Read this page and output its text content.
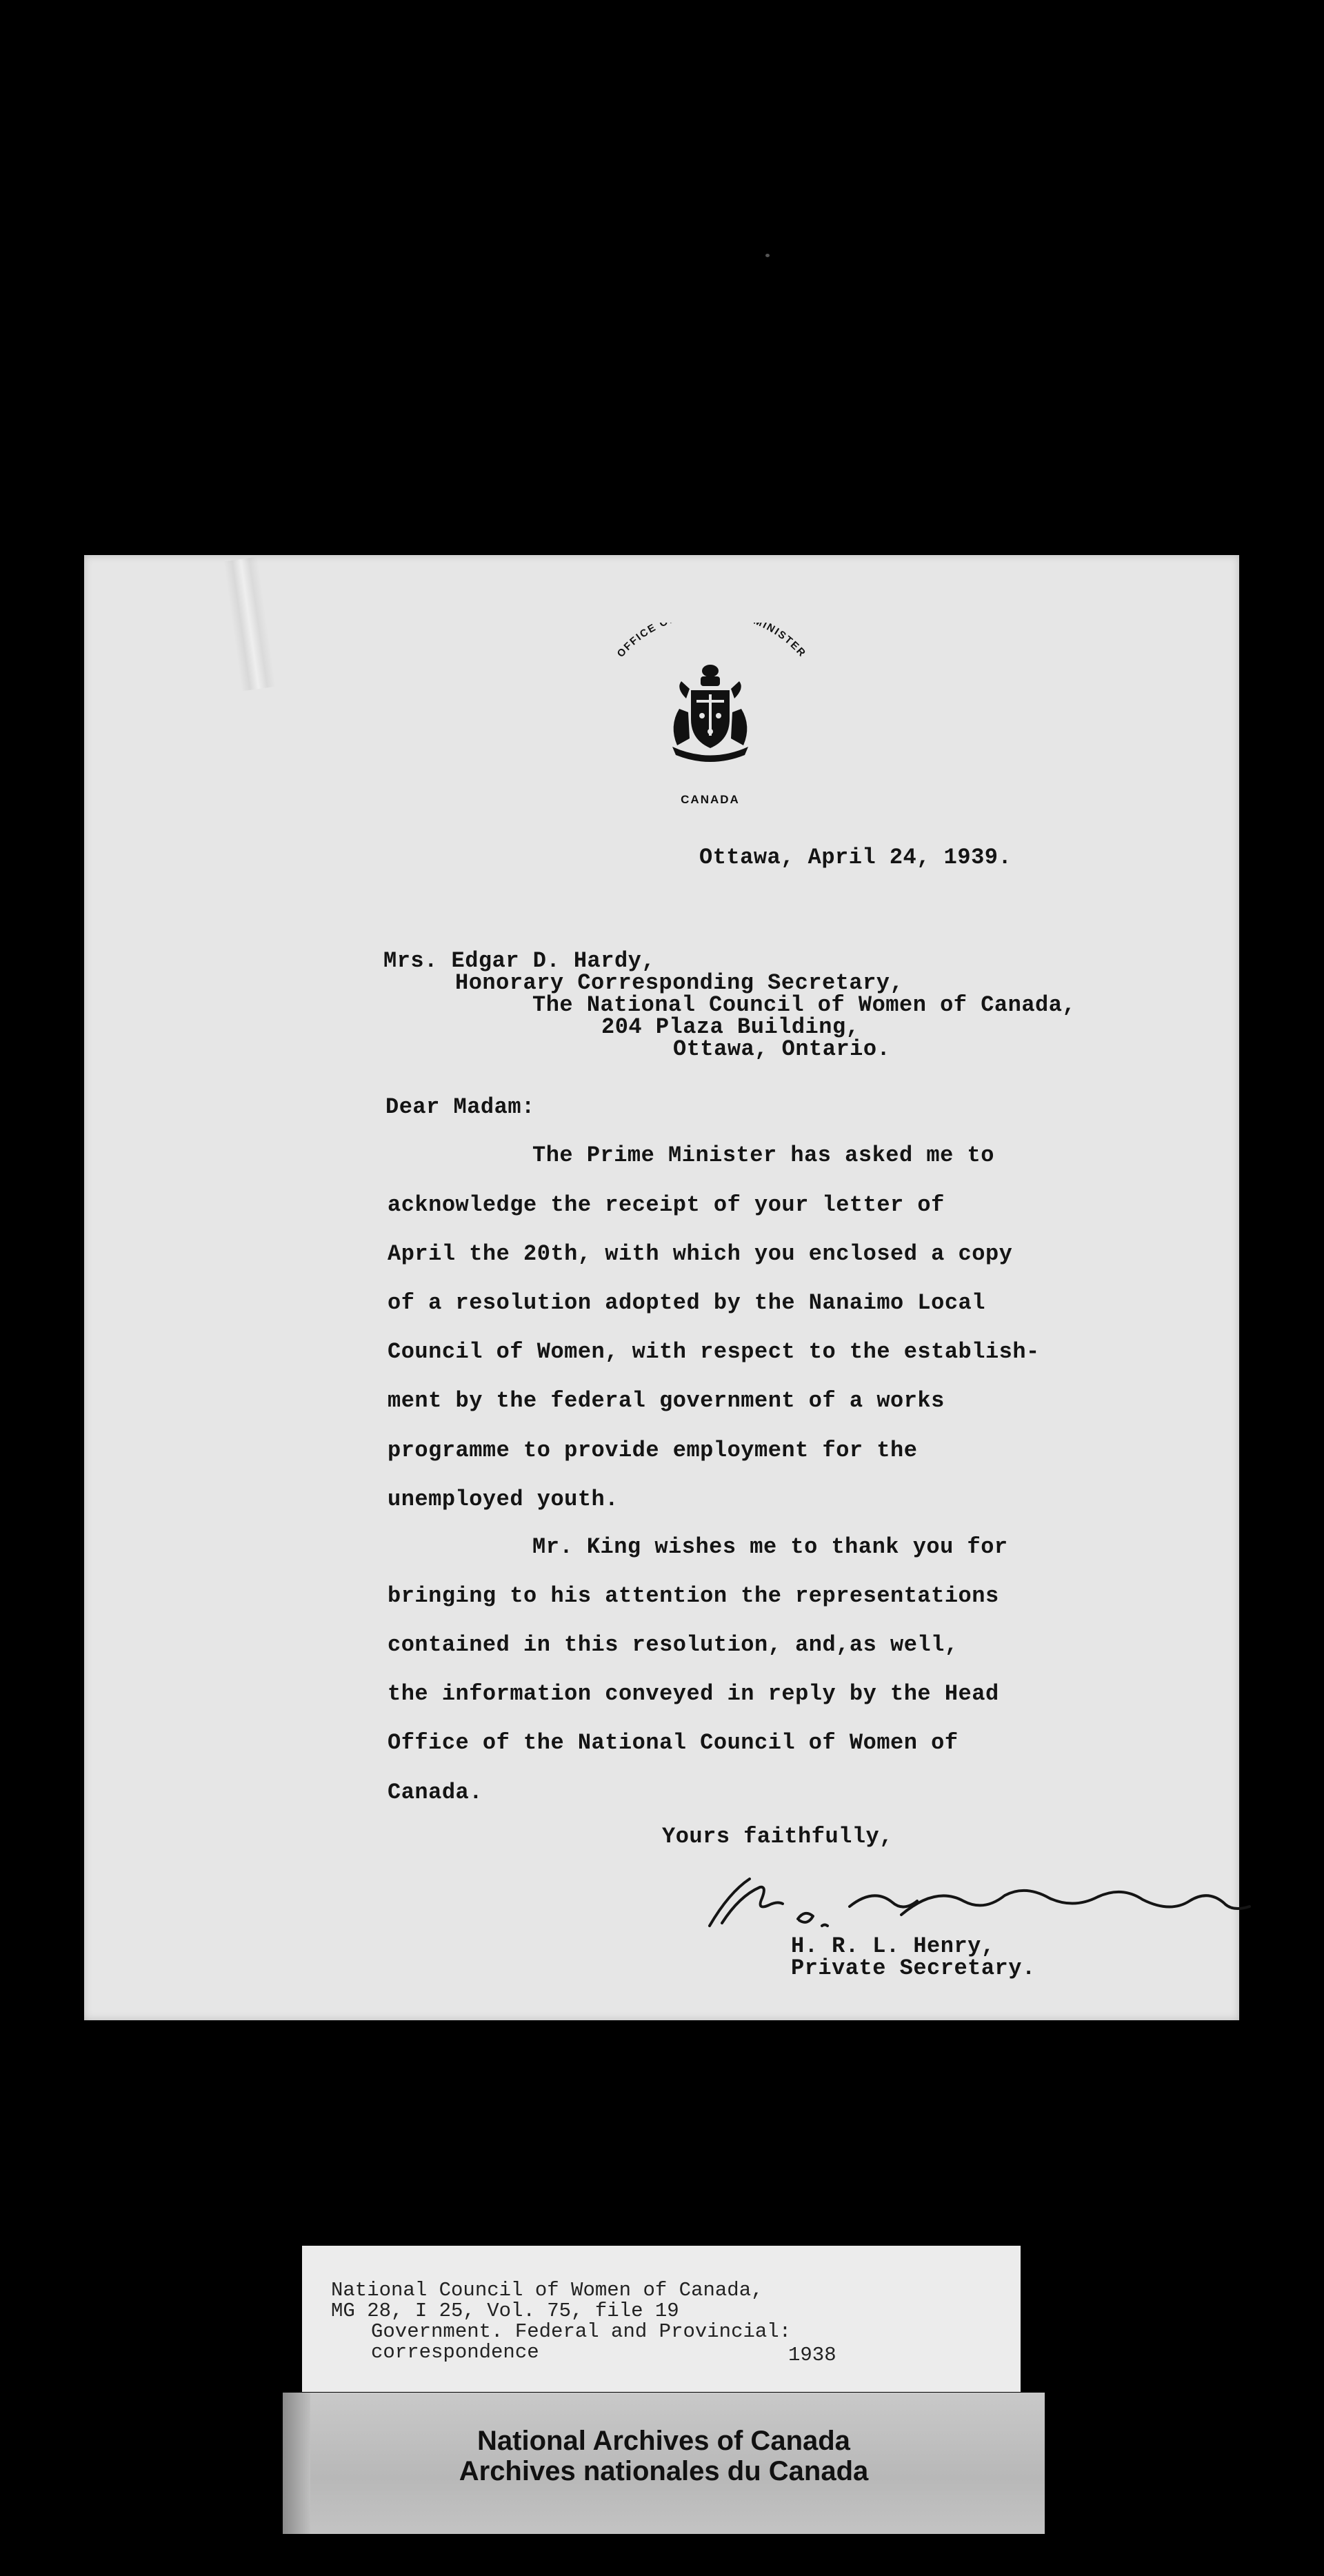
OFFICE INISTER
CANADA
Ottawa, April 24, 1939.
Mrs. Edgar D. Hardy,
Honorary Corresponding Secretary,
The National Council of Women of Canada,
204 Plaza Building,
Ottawa, Ontario.
Dear Madam:
The Prime Minister has asked me to
acknowledge the receipt of your letter of
April the 20th, with which you enclosed a copy
of a resolution adopted by the Nanaimo Local
Council of Women, with respect to the establish-
ment by the federal government of a works
programme to provide employment for the
unemployed youth.
Mr. King wishes me to thank you for
bringing to his attention the representations
contained in this resolution, and,as well,
the information conveyed in reply by the Head
Office of the National Council of Women of
Canada.
Yours faithfully,
H. R. L. Henry,
Private Secretary.
National Council of Women of Canada,
MG 28, I 25, Vol. 75, file 19
Government. Federal and Provincial:
correspondence	1938
National Archives of Canada
Archives nationales du Canada
